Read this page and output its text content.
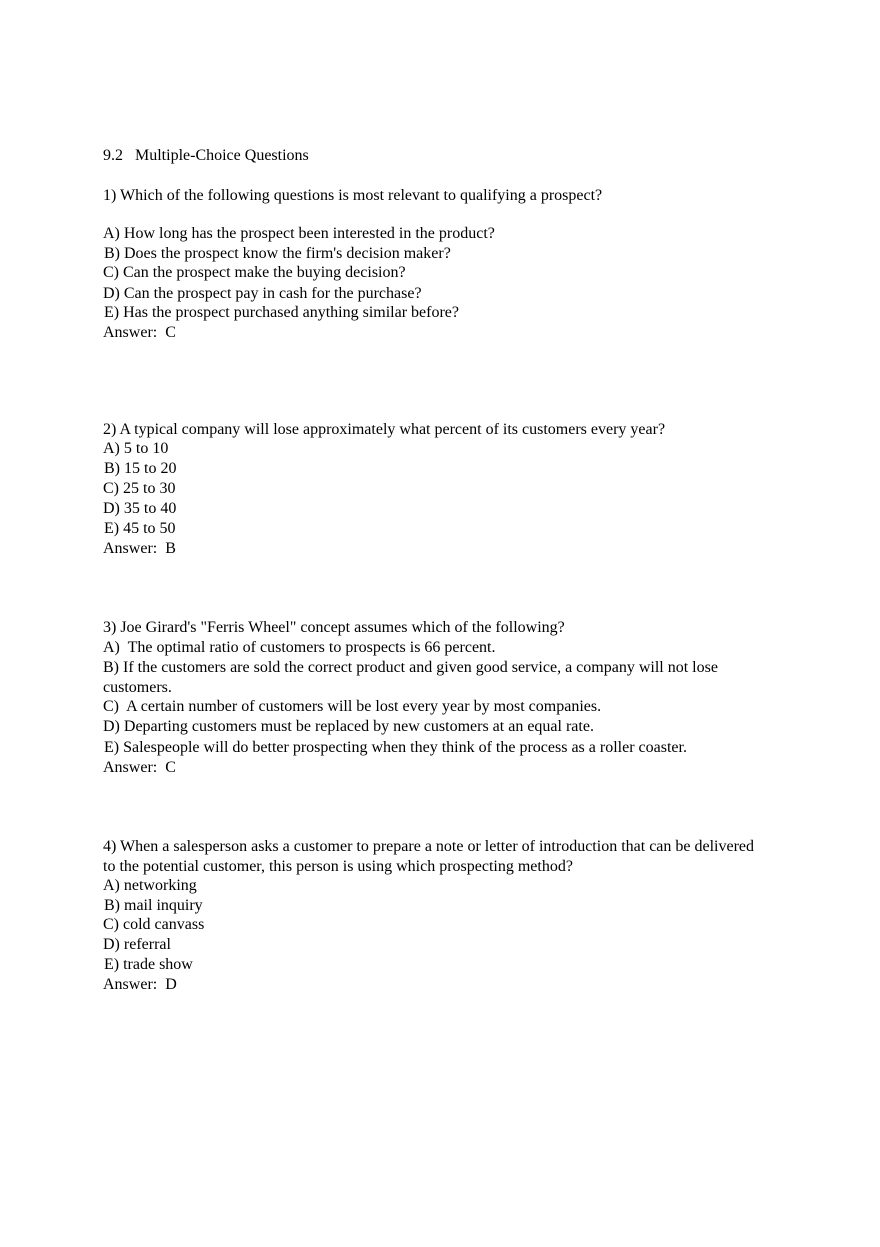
9.2   Multiple-Choice Questions

1) Which of the following questions is most relevant to qualifying a prospect?

A) How long has the prospect been interested in the product?

B) Does the prospect know the firm's decision maker?

C) Can the prospect make the buying decision?

D) Can the prospect pay in cash for the purchase?

E) Has the prospect purchased anything similar before?

Answer:  C

2) A typical company will lose approximately what percent of its customers every year?

A) 5 to 10

B) 15 to 20

C) 25 to 30

D) 35 to 40

E) 45 to 50

Answer:  B

3) Joe Girard's "Ferris Wheel" concept assumes which of the following?

A)  The optimal ratio of customers to prospects is 66 percent.

B) If the customers are sold the correct product and given good service, a company will not lose customers.

C)  A certain number of customers will be lost every year by most companies.

D) Departing customers must be replaced by new customers at an equal rate.

E) Salespeople will do better prospecting when they think of the process as a roller coaster.

Answer:  C

4) When a salesperson asks a customer to prepare a note or letter of introduction that can be delivered to the potential customer, this person is using which prospecting method?

A) networking

B) mail inquiry

C) cold canvass

D) referral

E) trade show

Answer:  D
